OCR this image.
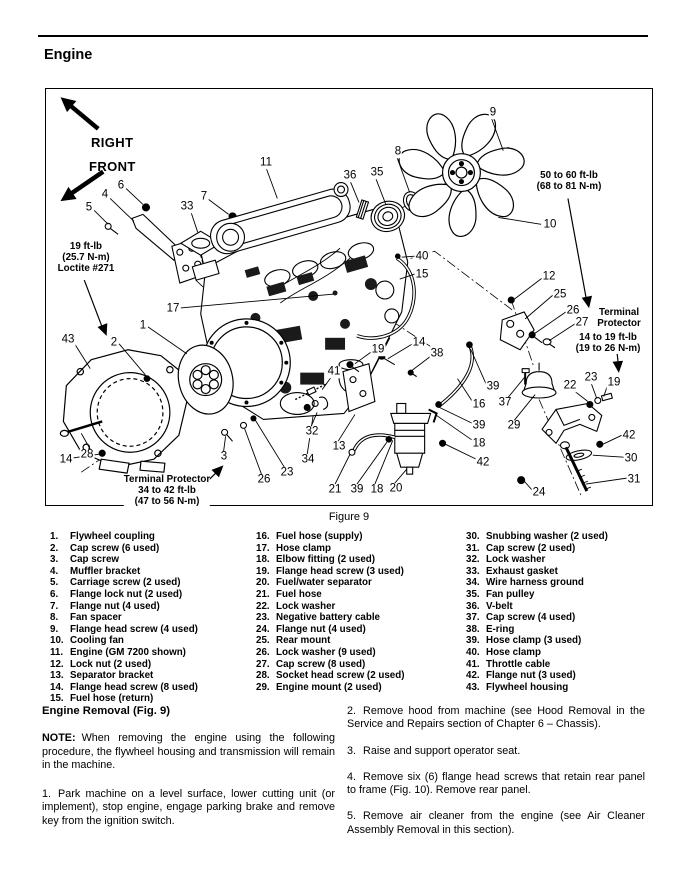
Engine
RIGHT
FRONT
19 ft-lb
(25.7 N-m)
Loctite #271
50 to 60 ft-lb
(68 to 81 N-m)
Terminal
Protector
14 to 19 ft-lb
(19 to 26 N-m)
Terminal Protector
34 to 42 ft-lb
(47 to 56 N-m)
9
8
36 35
11
7
33
6
4
5
10
40
15	12
25
26
27
17
1
2
43
19
14
38
41
22
23 19
39
16 37
39 29
18
42
42
30
31
24
32
34
3
26
23
13
21 39 18 20
14 28
Figure 9
1. Flywheel coupling
2. Cap screw (6 used)
3. Cap screw
4. Muffler bracket
5. Carriage screw (2 used)
6. Flange lock nut (2 used)
7. Flange nut (4 used)
8. Fan spacer
9. Flange head screw (4 used)
10. Cooling fan
11. Engine (GM 7200 shown)
12. Lock nut (2 used)
13. Separator bracket
14. Flange head screw (8 used)
15. Fuel hose (return)
16. Fuel hose (supply)
17. Hose clamp
18. Elbow fitting (2 used)
19. Flange head screw (3 used)
20. Fuel/water separator
21. Fuel hose
22. Lock washer
23. Negative battery cable
24. Flange nut (4 used)
25. Rear mount
26. Lock washer (9 used)
27. Cap screw (8 used)
28. Socket head screw (2 used)
29. Engine mount (2 used)
30. Snubbing washer (2 used)
31. Cap screw (2 used)
32. Lock washer
33. Exhaust gasket
34. Wire harness ground
35. Fan pulley
36. V-belt
37. Cap screw (4 used)
38. E-ring
39. Hose clamp (3 used)
40. Hose clamp
41. Throttle cable
42. Flange nut (3 used)
43. Flywheel housing
Engine Removal (Fig. 9)

NOTE: When removing the engine using the following procedure, the flywheel housing and transmission will remain in the machine.

1. Park machine on a level surface, lower cutting unit (or implement), stop engine, engage parking brake and remove key from the ignition switch.

2. Remove hood from machine (see Hood Removal in the Service and Repairs section of Chapter 6 – Chassis).

3. Raise and support operator seat.

4. Remove six (6) flange head screws that retain rear panel to frame (Fig. 10). Remove rear panel.

5. Remove air cleaner from the engine (see Air Cleaner Assembly Removal in this section).
